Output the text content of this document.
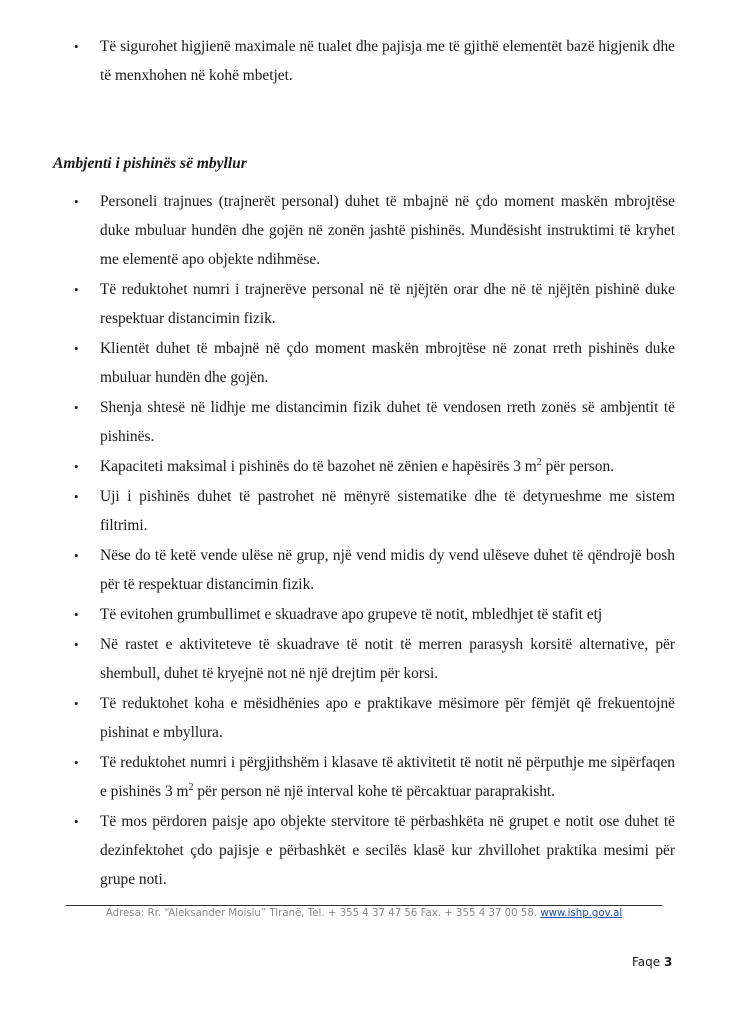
• Të sigurohet higjienë maximale në tualet dhe pajisja me të gjithë elementët bazë higjenik dhe të menxhohen në kohë mbetjet.
Ambjenti i pishinës së mbyllur
• Personeli trajnues (trajnerët personal) duhet të mbajnë në çdo moment maskën mbrojtëse duke mbuluar hundën dhe gojën në zonën jashtë pishinës. Mundësisht instruktimi të kryhet me elementë apo objekte ndihmëse.
• Të reduktohet numri i trajnerëve personal në të njëjtën orar dhe në të njëjtën pishinë duke respektuar distancimin fizik.
• Klientët duhet të mbajnë në çdo moment maskën mbrojtëse në zonat rreth pishinës duke mbuluar hundën dhe gojën.
• Shenja shtesë në lidhje me distancimin fizik duhet të vendosen rreth zonës së ambjentit të pishinës.
• Kapaciteti maksimal i pishinës do të bazohet në zënien e hapësirës 3 $m^2$ për person.
• Uji i pishinës duhet të pastrohet në mënyrë sistematike dhe të detyrueshme me sistem filtrimi.
• Nëse do të ketë vende ulëse në grup, një vend midis dy vend ulëseve duhet të qëndrojë bosh për të respektuar distancimin fizik.
• Të evitohen grumbullimet e skuadrave apo grupeve të notit, mbledhjet të stafit etj
• Në rastet e aktiviteteve të skuadrave të notit të merren parasysh korsitë alternative, për shembull, duhet të kryejnë not në një drejtim për korsi.
• Të reduktohet koha e mësidhënies apo e praktikave mësimore për fëmjët që frekuentojnë pishinat e mbyllura.
• Të reduktohet numri i përgjithshëm i klasave të aktivitetit të notit në përputhje me sipërfaqen e pishinës 3 $m^2$ për person në një interval kohe të përcaktuar paraprakisht.
• Të mos përdoren paisje apo objekte stervitore të përbashkëta në grupet e notit ose duhet të dezinfektohet çdo pajisje e përbashkët e secilës klasë kur zhvillohet praktika mesimi për grupe noti.
Adresa: Rr. “Aleksander Moisiu” Tiranë, Tel. + 355 4 37 47 56 Fax. + 355 4 37 00 58. www.ishp.gov.al
Faqe 3
